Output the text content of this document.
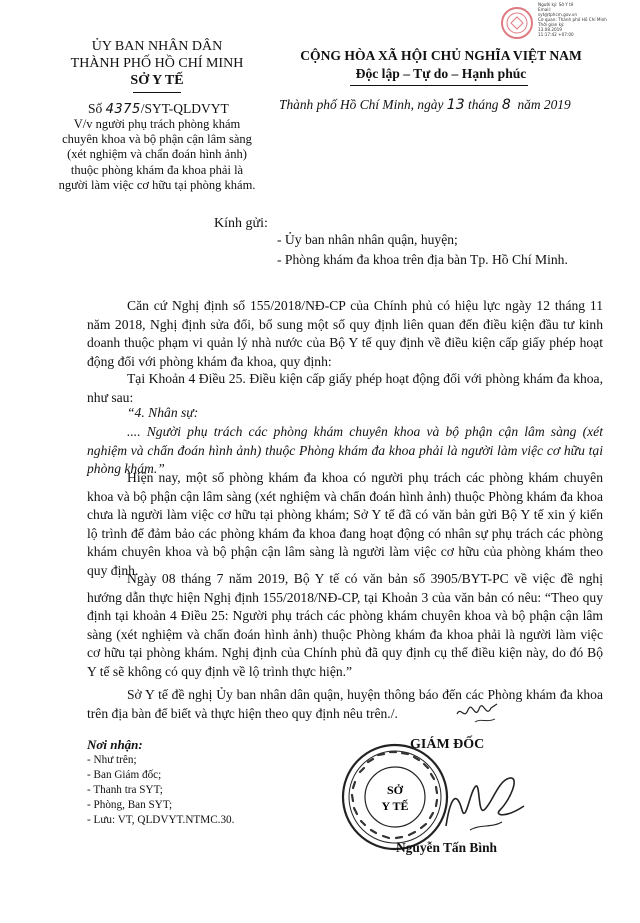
Người ký: Sở Y tế
Email:
syt@tphcm.gov.vn
Cơ quan: Thành phố Hồ Chí Minh
Thời gian ký:
13.08.2019
11:17:42 +07:00
ỦY BAN NHÂN DÂN
THÀNH PHỐ HỒ CHÍ MINH
SỞ Y TẾ
Số 4375/SYT-QLDVYT
V/v người phụ trách phòng khám
chuyên khoa và bộ phận cận lâm sàng
(xét nghiệm và chẩn đoán hình ảnh)
thuộc phòng khám đa khoa phải là
người làm việc cơ hữu tại phòng khám.
CỘNG HÒA XÃ HỘI CHỦ NGHĨA VIỆT NAM
Độc lập – Tự do – Hạnh phúc
Thành phố Hồ Chí Minh, ngày 13 tháng 8 năm 2019
Kính gửi:
- Ủy ban nhân nhân quận, huyện;
- Phòng khám đa khoa trên địa bàn Tp. Hồ Chí Minh.

Căn cứ Nghị định số 155/2018/NĐ-CP của Chính phủ có hiệu lực ngày 12 tháng 11 năm 2018, Nghị định sửa đổi, bổ sung một số quy định liên quan đến điều kiện đầu tư kinh doanh thuộc phạm vi quản lý nhà nước của Bộ Y tế quy định về điều kiện cấp giấy phép hoạt động đối với phòng khám đa khoa, quy định:

Tại Khoản 4 Điều 25. Điều kiện cấp giấy phép hoạt động đối với phòng khám đa khoa, như sau:

“4. Nhân sự:

.... Người phụ trách các phòng khám chuyên khoa và bộ phận cận lâm sàng (xét nghiệm và chẩn đoán hình ảnh) thuộc Phòng khám đa khoa phải là người làm việc cơ hữu tại phòng khám.”

Hiện nay, một số phòng khám đa khoa có người phụ trách các phòng khám chuyên khoa và bộ phận cận lâm sàng (xét nghiệm và chẩn đoán hình ảnh) thuộc Phòng khám đa khoa chưa là người làm việc cơ hữu tại phòng khám; Sở Y tế đã có văn bản gửi Bộ Y tế xin ý kiến lộ trình để đảm bảo các phòng khám đa khoa đang hoạt động có nhân sự phụ trách các phòng khám chuyên khoa và bộ phận cận lâm sàng là người làm việc cơ hữu của phòng khám theo quy định.

Ngày 08 tháng 7 năm 2019, Bộ Y tế có văn bản số 3905/BYT-PC về việc đề nghị hướng dẫn thực hiện Nghị định 155/2018/NĐ-CP, tại Khoản 3 của văn bản có nêu: “Theo quy định tại khoản 4 Điều 25: Người phụ trách các phòng khám chuyên khoa và bộ phận cận lâm sàng (xét nghiệm và chẩn đoán hình ảnh) thuộc Phòng khám đa khoa phải là người làm việc cơ hữu tại phòng khám. Nghị định của Chính phủ đã quy định cụ thể điều kiện này, do đó Bộ Y tế sẽ không có quy định về lộ trình thực hiện.”

Sở Y tế đề nghị Ủy ban nhân dân quận, huyện thông báo đến các Phòng khám đa khoa trên địa bàn để biết và thực hiện theo quy định nêu trên./.

Nơi nhận:
- Như trên;
- Ban Giám đốc;
- Thanh tra SYT;
- Phòng, Ban SYT;
- Lưu: VT, QLDVYT.NTMC.30.
GIÁM ĐỐC
SỞ
Y TẾ
Nguyễn Tấn Bình
